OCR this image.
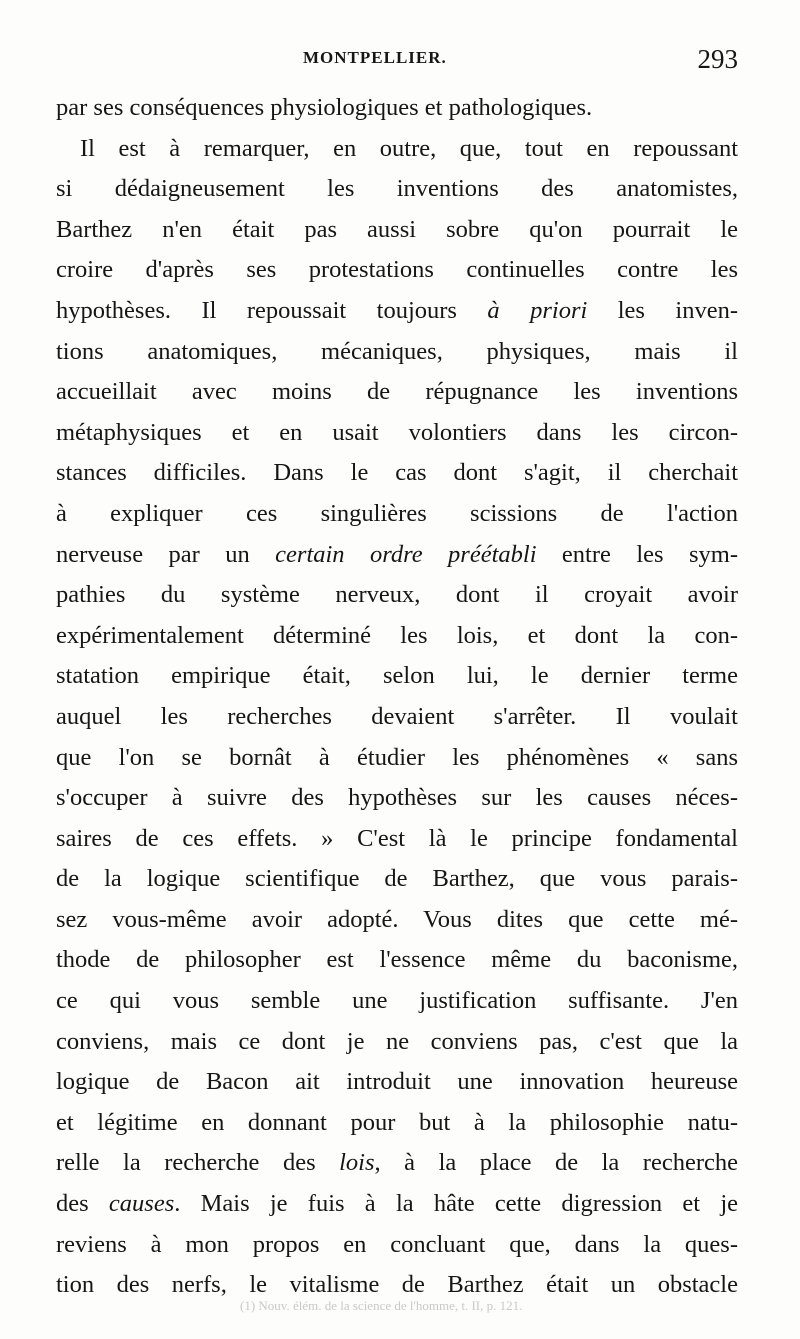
MONTPELLIER.	293
par ses conséquences physiologiques et pathologiques.
Il est à remarquer, en outre, que, tout en repoussant
si dédaigneusement les inventions des anatomistes,
Barthez n'en était pas aussi sobre qu'on pourrait le
croire d'après ses protestations continuelles contre les
hypothèses. Il repoussait toujours à priori les inven-
tions anatomiques, mécaniques, physiques, mais il
accueillait avec moins de répugnance les inventions
métaphysiques et en usait volontiers dans les circon-
stances difficiles. Dans le cas dont s'agit, il cherchait
à expliquer ces singulières scissions de l'action
nerveuse par un certain ordre préétabli entre les sym-
pathies du système nerveux, dont il croyait avoir
expérimentalement déterminé les lois, et dont la con-
statation empirique était, selon lui, le dernier terme
auquel les recherches devaient s'arrêter. Il voulait
que l'on se bornât à étudier les phénomènes « sans
s'occuper à suivre des hypothèses sur les causes néces-
saires de ces effets. » C'est là le principe fondamental
de la logique scientifique de Barthez, que vous parais-
sez vous-même avoir adopté. Vous dites que cette mé-
thode de philosopher est l'essence même du baconisme,
ce qui vous semble une justification suffisante. J'en
conviens, mais ce dont je ne conviens pas, c'est que la
logique de Bacon ait introduit une innovation heureuse
et légitime en donnant pour but à la philosophie natu-
relle la recherche des lois, à la place de la recherche
des causes. Mais je fuis à la hâte cette digression et je
reviens à mon propos en concluant que, dans la ques-
tion des nerfs, le vitalisme de Barthez était un obstacle
(1) Nouv. élém. de la science de l'homme, t. II, p. 121.
